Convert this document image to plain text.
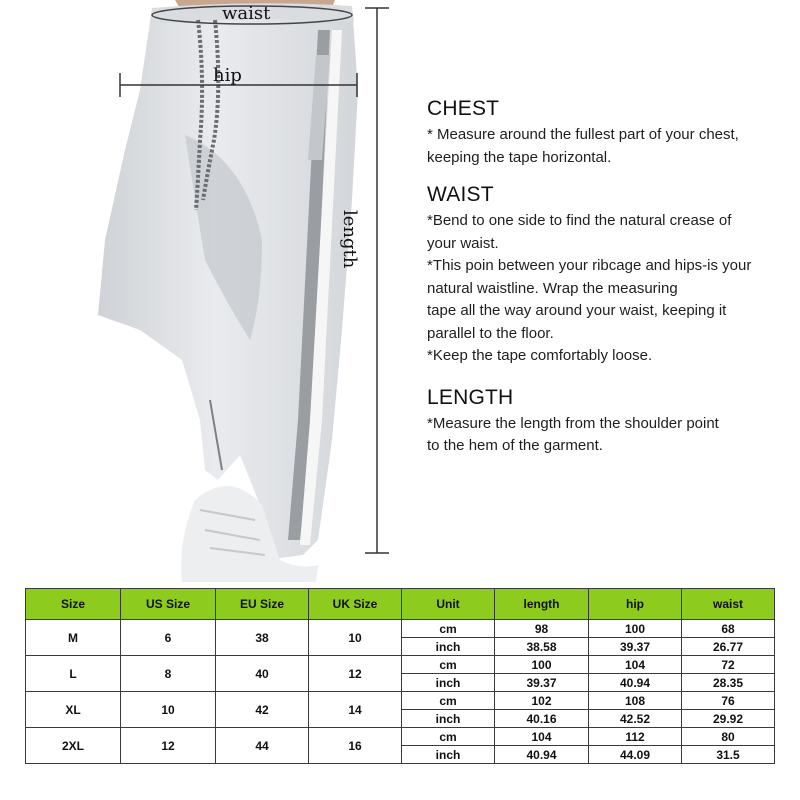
waist
hip
length
CHEST

* Measure around the fullest part of your chest,

keeping the tape horizontal.

WAIST

*Bend to one side to find the natural crease of

your waist.

*This poin between your ribcage and hips-is your

natural waistline. Wrap the measuring

tape all the way around your waist, keeping it

parallel to the floor.

*Keep the tape comfortably loose.

LENGTH

*Measure the length from the shoulder point

to the hem of the garment.

Size	US Size	EU Size	UK Size	Unit	length	hip	waist
M	6	38	10	cm	98	100	68
				inch	38.58	39.37	26.77
L	8	40	12	cm	100	104	72
				inch	39.37	40.94	28.35
XL	10	42	14	cm	102	108	76
				inch	40.16	42.52	29.92
2XL	12	44	16	cm	104	112	80
				inch	40.94	44.09	31.5
